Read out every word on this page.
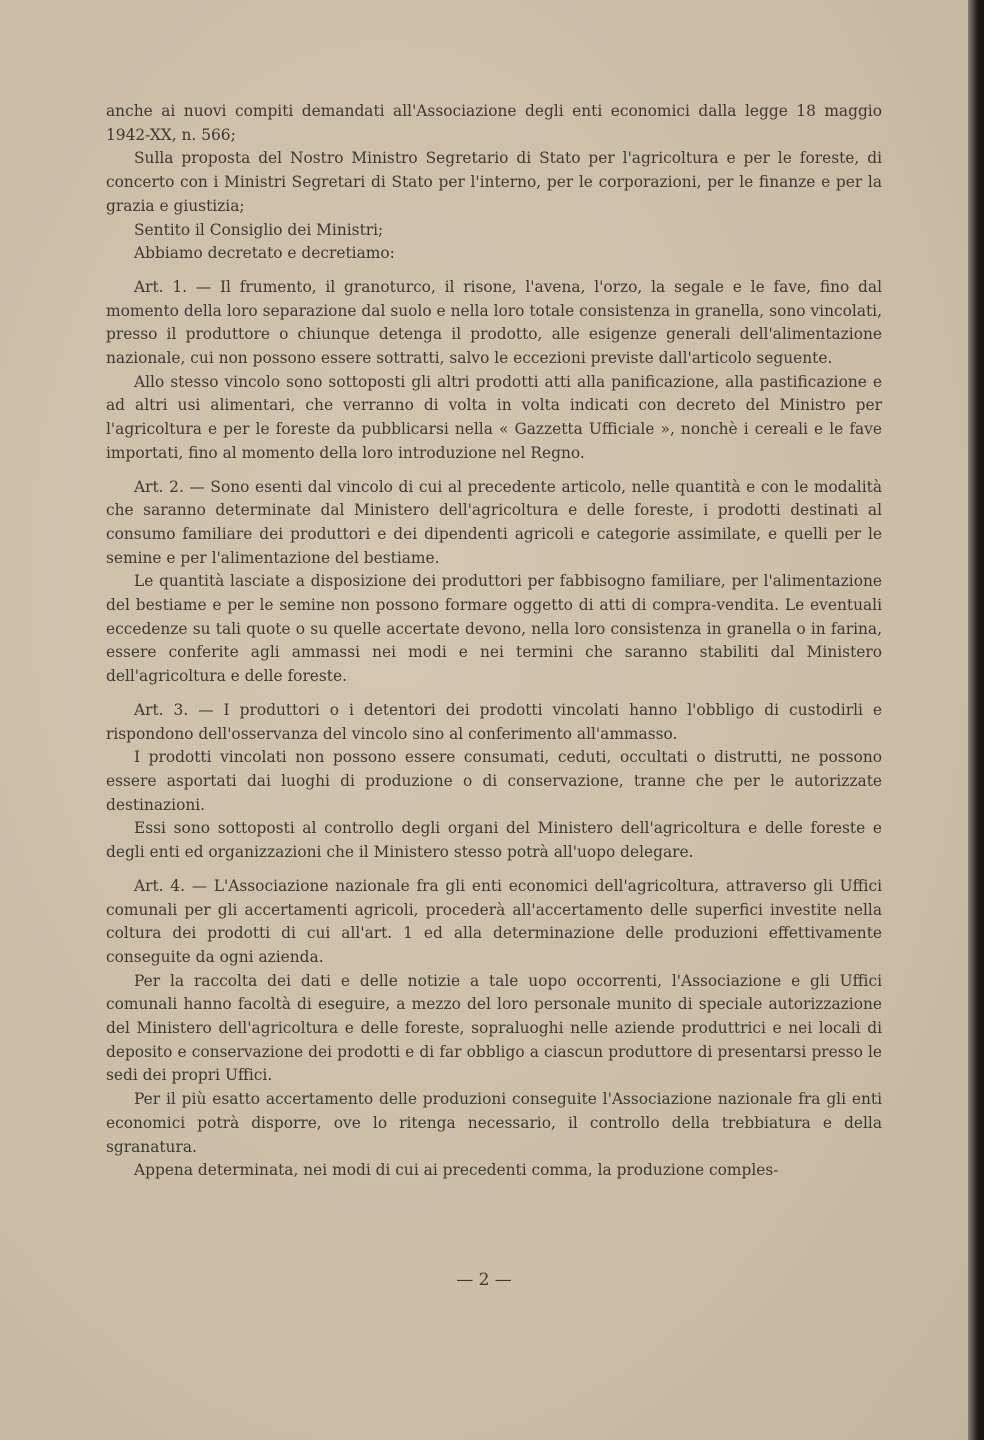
anche ai nuovi compiti demandati all'Associazione degli enti economici dalla legge 18 maggio 1942-XX, n. 566;

Sulla proposta del Nostro Ministro Segretario di Stato per l'agricoltura e per le foreste, di concerto con i Ministri Segretari di Stato per l'interno, per le corporazioni, per le finanze e per la grazia e giustizia;

Sentito il Consiglio dei Ministri;

Abbiamo decretato e decretiamo:

Art. 1. — Il frumento, il granoturco, il risone, l'avena, l'orzo, la segale e le fave, fino dal momento della loro separazione dal suolo e nella loro totale consistenza in granella, sono vincolati, presso il produttore o chiunque detenga il prodotto, alle esigenze generali dell'alimentazione nazionale, cui non possono essere sottratti, salvo le eccezioni previste dall'articolo seguente.

Allo stesso vincolo sono sottoposti gli altri prodotti atti alla panificazione, alla pastificazione e ad altri usi alimentari, che verranno di volta in volta indicati con decreto del Ministro per l'agricoltura e per le foreste da pubblicarsi nella « Gazzetta Ufficiale », nonchè i cereali e le fave importati, fino al momento della loro introduzione nel Regno.

Art. 2. — Sono esenti dal vincolo di cui al precedente articolo, nelle quantità e con le modalità che saranno determinate dal Ministero dell'agricoltura e delle foreste, i prodotti destinati al consumo familiare dei produttori e dei dipendenti agricoli e categorie assimilate, e quelli per le semine e per l'alimentazione del bestiame.

Le quantità lasciate a disposizione dei produttori per fabbisogno familiare, per l'alimentazione del bestiame e per le semine non possono formare oggetto di atti di compra-vendita. Le eventuali eccedenze su tali quote o su quelle accertate devono, nella loro consistenza in granella o in farina, essere conferite agli ammassi nei modi e nei termini che saranno stabiliti dal Ministero dell'agricoltura e delle foreste.

Art. 3. — I produttori o i detentori dei prodotti vincolati hanno l'obbligo di custodirli e rispondono dell'osservanza del vincolo sino al conferimento all'ammasso.

I prodotti vincolati non possono essere consumati, ceduti, occultati o distrutti, ne possono essere asportati dai luoghi di produzione o di conservazione, tranne che per le autorizzate destinazioni.

Essi sono sottoposti al controllo degli organi del Ministero dell'agricoltura e delle foreste e degli enti ed organizzazioni che il Ministero stesso potrà all'uopo delegare.

Art. 4. — L'Associazione nazionale fra gli enti economici dell'agricoltura, attraverso gli Uffici comunali per gli accertamenti agricoli, procederà all'accertamento delle superfici investite nella coltura dei prodotti di cui all'art. 1 ed alla determinazione delle produzioni effettivamente conseguite da ogni azienda.

Per la raccolta dei dati e delle notizie a tale uopo occorrenti, l'Associazione e gli Uffici comunali hanno facoltà di eseguire, a mezzo del loro personale munito di speciale autorizzazione del Ministero dell'agricoltura e delle foreste, sopraluoghi nelle aziende produttrici e nei locali di deposito e conservazione dei prodotti e di far obbligo a ciascun produttore di presentarsi presso le sedi dei propri Uffici.

Per il più esatto accertamento delle produzioni conseguite l'Associazione nazionale fra gli enti economici potrà disporre, ove lo ritenga necessario, il controllo della trebbiatura e della sgranatura.

Appena determinata, nei modi di cui ai precedenti comma, la produzione comples-

— 2 —
